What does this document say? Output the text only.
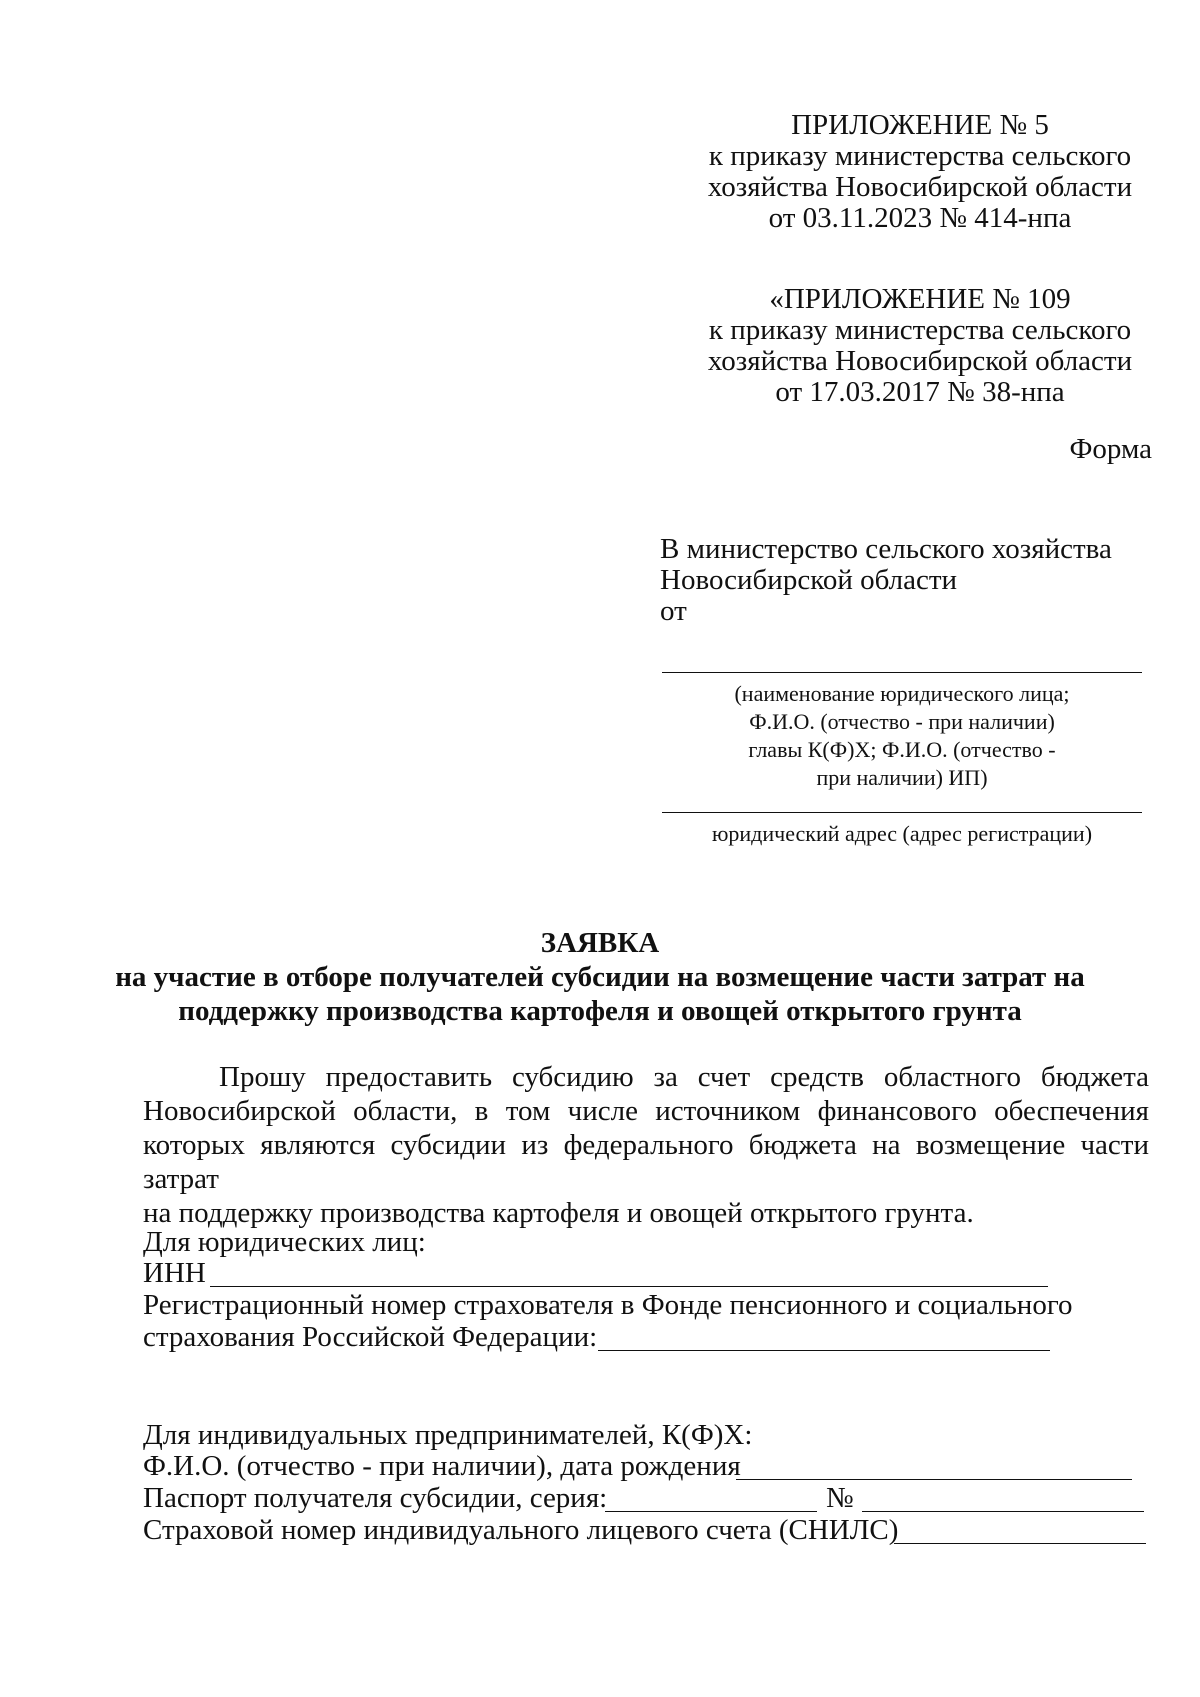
ПРИЛОЖЕНИЕ № 5
к приказу министерства сельского
хозяйства Новосибирской области
от 03.11.2023 № 414-нпа
«ПРИЛОЖЕНИЕ № 109
к приказу министерства сельского
хозяйства Новосибирской области
от 17.03.2017 № 38-нпа
Форма
В министерство сельского хозяйства
Новосибирской области
от
(наименование юридического лица;
Ф.И.О. (отчество - при наличии)
главы К(Ф)Х; Ф.И.О. (отчество -
при наличии) ИП)
юридический адрес (адрес регистрации)
ЗАЯВКА
на участие в отборе получателей субсидии на возмещение части затрат на
поддержку производства картофеля и овощей открытого грунта
Прошу предоставить субсидию за счет средств областного бюджета
Новосибирской области, в том числе источником финансового обеспечения
которых являются субсидии из федерального бюджета на возмещение части затрат
на поддержку производства картофеля и овощей открытого грунта.
Для юридических лиц:
ИНН
Регистрационный номер страхователя в Фонде пенсионного и социального
страхования Российской Федерации:
Для индивидуальных предпринимателей, К(Ф)Х:
Ф.И.О. (отчество - при наличии), дата рождения
Паспорт получателя субсидии, серия:	№
Страховой номер индивидуального лицевого счета (СНИЛС)
